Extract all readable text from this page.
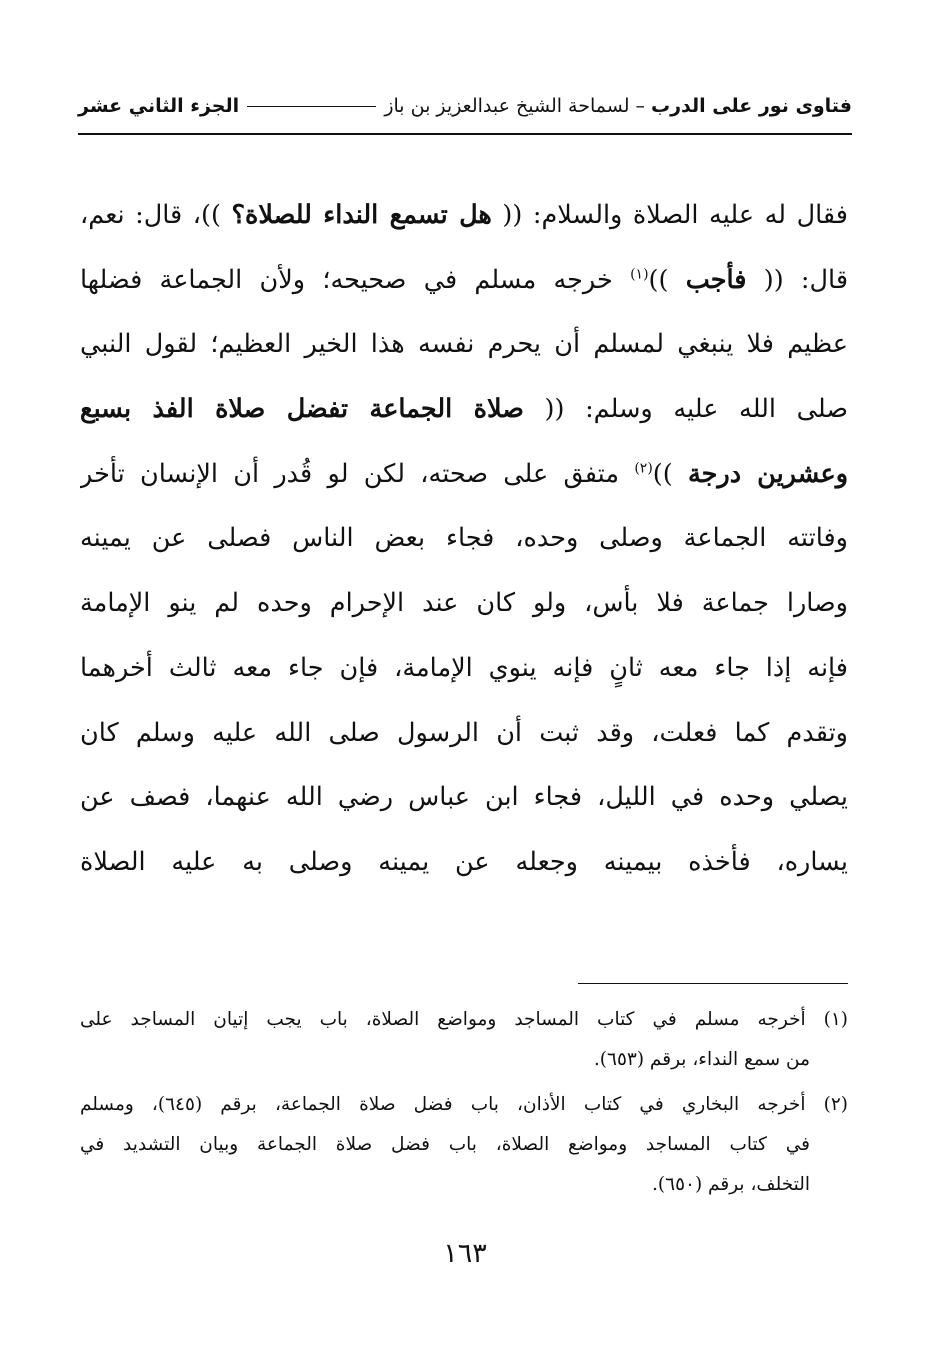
فتاوى نور على الدرب
–
لسماحة الشيخ عبدالعزيز بن باز
الجزء الثاني عشر
فقال له عليه الصلاة والسلام: (( هل تسمع النداء للصلاة؟ ))، قال: نعم،
قال: (( فأجب ))$^{(١)}$ خرجه مسلم في صحيحه؛ ولأن الجماعة فضلها
عظيم فلا ينبغي لمسلم أن يحرم نفسه هذا الخير العظيم؛ لقول النبي
صلى الله عليه وسلم: (( صلاة الجماعة تفضل صلاة الفذ بسبع
وعشرين درجة ))$^{(٢)}$ متفق على صحته، لكن لو قُدر أن الإنسان تأخر
وفاتته الجماعة وصلى وحده، فجاء بعض الناس فصلى عن يمينه
وصارا جماعة فلا بأس، ولو كان عند الإحرام وحده لم ينو الإمامة
فإنه إذا جاء معه ثانٍ فإنه ينوي الإمامة، فإن جاء معه ثالث أخرهما
وتقدم كما فعلت، وقد ثبت أن الرسول صلى الله عليه وسلم كان
يصلي وحده في الليل، فجاء ابن عباس رضي الله عنهما، فصف عن
يساره، فأخذه بيمينه وجعله عن يمينه وصلى به عليه الصلاة
(١) أخرجه مسلم في كتاب المساجد ومواضع الصلاة، باب يجب إتيان المساجد على
من سمع النداء، برقم (٦٥٣).
(٢) أخرجه البخاري في كتاب الأذان، باب فضل صلاة الجماعة، برقم (٦٤٥)، ومسلم
في كتاب المساجد ومواضع الصلاة، باب فضل صلاة الجماعة وبيان التشديد في
التخلف، برقم (٦٥٠).
١٦٣
